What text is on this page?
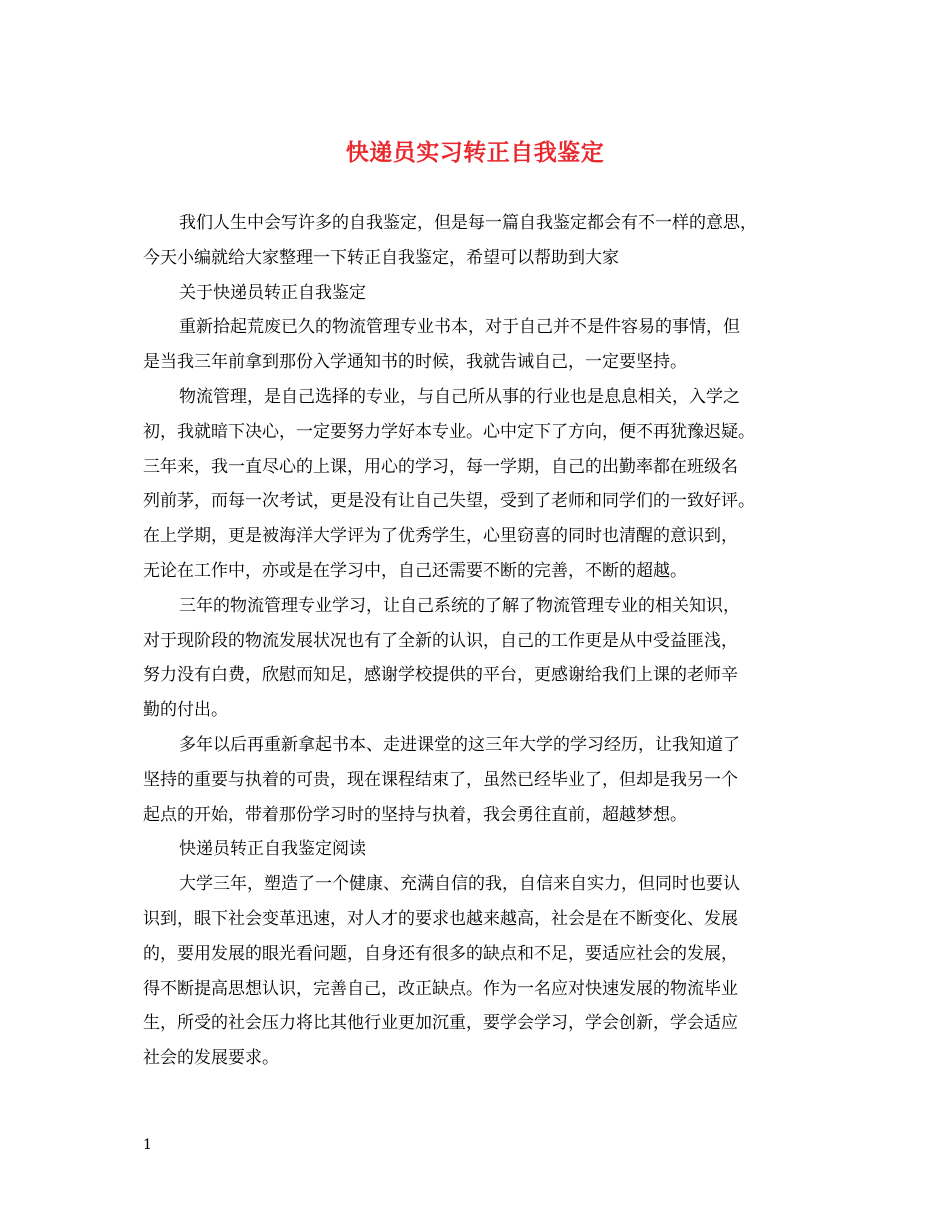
快递员实习转正自我鉴定
我们人生中会写许多的自我鉴定，但是每一篇自我鉴定都会有不一样的意思，
今天小编就给大家整理一下转正自我鉴定，希望可以帮助到大家
关于快递员转正自我鉴定
重新拾起荒废已久的物流管理专业书本，对于自己并不是件容易的事情，但
是当我三年前拿到那份入学通知书的时候，我就告诫自己，一定要坚持。
物流管理，是自己选择的专业，与自己所从事的行业也是息息相关，入学之
初，我就暗下决心，一定要努力学好本专业。心中定下了方向，便不再犹豫迟疑。
三年来，我一直尽心的上课，用心的学习，每一学期，自己的出勤率都在班级名
列前茅，而每一次考试，更是没有让自己失望，受到了老师和同学们的一致好评。
在上学期，更是被海洋大学评为了优秀学生，心里窃喜的同时也清醒的意识到，
无论在工作中，亦或是在学习中，自己还需要不断的完善，不断的超越。
三年的物流管理专业学习，让自己系统的了解了物流管理专业的相关知识，
对于现阶段的物流发展状况也有了全新的认识，自己的工作更是从中受益匪浅，
努力没有白费，欣慰而知足，感谢学校提供的平台，更感谢给我们上课的老师辛
勤的付出。
多年以后再重新拿起书本、走进课堂的这三年大学的学习经历，让我知道了
坚持的重要与执着的可贵，现在课程结束了，虽然已经毕业了，但却是我另一个
起点的开始，带着那份学习时的坚持与执着，我会勇往直前，超越梦想。
快递员转正自我鉴定阅读
大学三年，塑造了一个健康、充满自信的我，自信来自实力，但同时也要认
识到，眼下社会变革迅速，对人才的要求也越来越高，社会是在不断变化、发展
的，要用发展的眼光看问题，自身还有很多的缺点和不足，要适应社会的发展，
得不断提高思想认识，完善自己，改正缺点。作为一名应对快速发展的物流毕业
生，所受的社会压力将比其他行业更加沉重，要学会学习，学会创新，学会适应
社会的发展要求。
1
